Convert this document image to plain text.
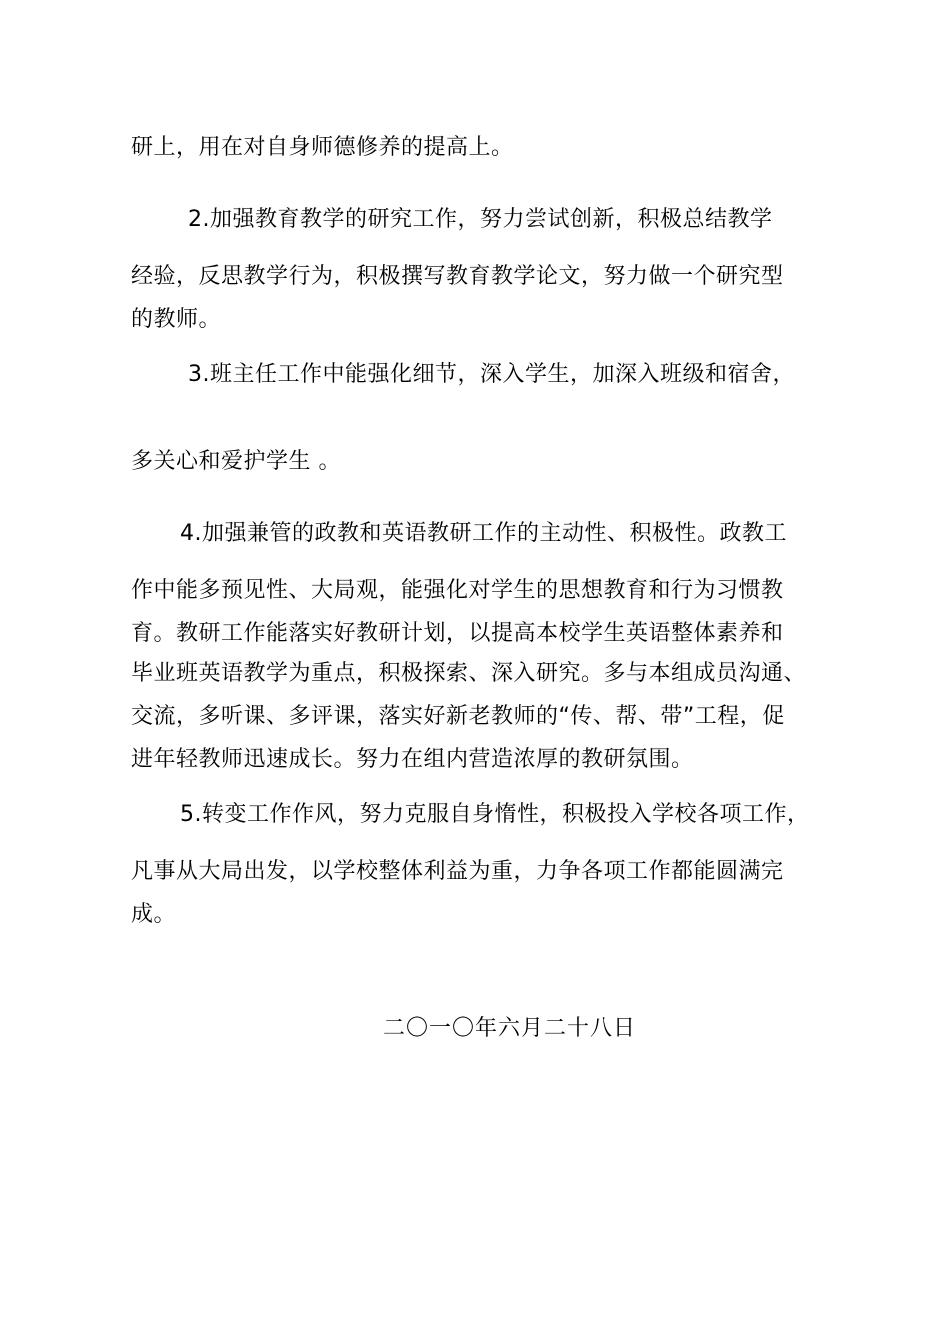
研上，用在对自身师德修养的提高上。
2.加强教育教学的研究工作，努力尝试创新，积极总结教学
经验，反思教学行为，积极撰写教育教学论文，努力做一个研究型
的教师。
3.班主任工作中能强化细节，深入学生，加深入班级和宿舍，
多关心和爱护学生 。
4.加强兼管的政教和英语教研工作的主动性、积极性。政教工
作中能多预见性、大局观，能强化对学生的思想教育和行为习惯教
育。教研工作能落实好教研计划，以提高本校学生英语整体素养和
毕业班英语教学为重点，积极探索、深入研究。多与本组成员沟通、
交流，多听课、多评课，落实好新老教师的“传、帮、带”工程，促
进年轻教师迅速成长。努力在组内营造浓厚的教研氛围。
5.转变工作作风，努力克服自身惰性，积极投入学校各项工作，
凡事从大局出发，以学校整体利益为重，力争各项工作都能圆满完
成。
二〇一〇年六月二十八日
